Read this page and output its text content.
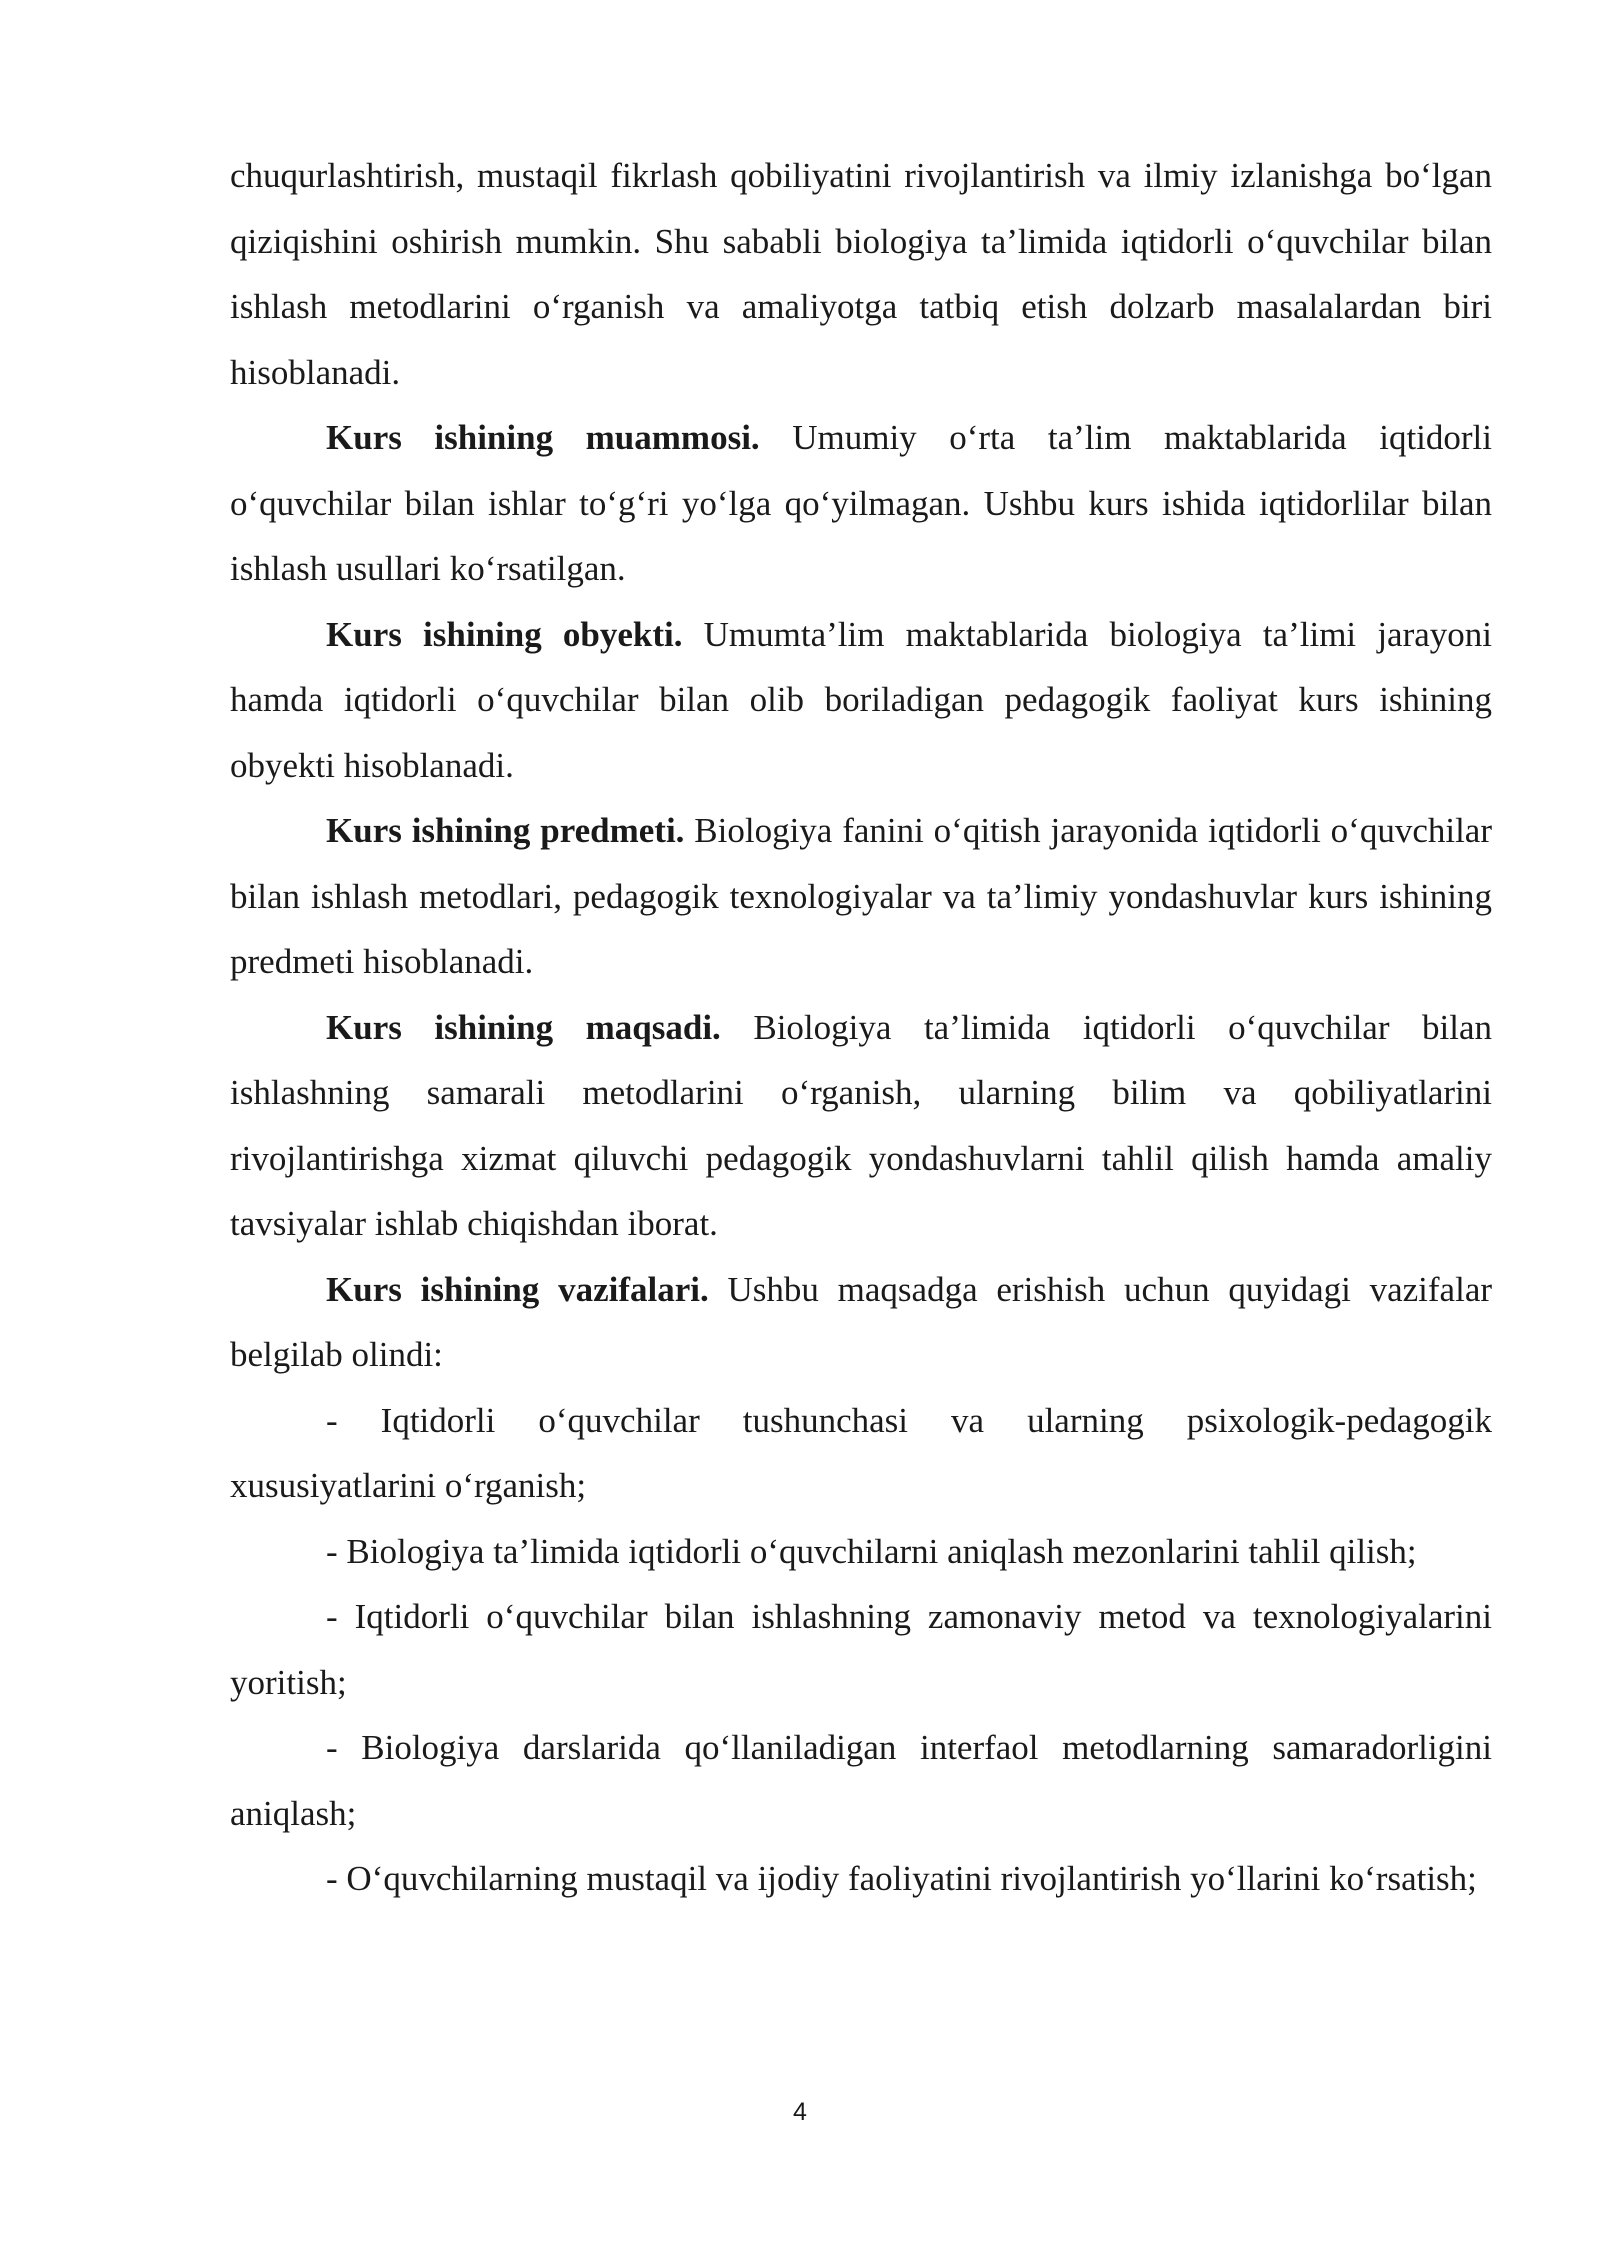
chuqurlashtirish, mustaqil fikrlash qobiliyatini rivojlantirish va ilmiy izlanishga bo‘lgan qiziqishini oshirish mumkin. Shu sababli biologiya ta’limida iqtidorli o‘quvchilar bilan ishlash metodlarini o‘rganish va amaliyotga tatbiq etish dolzarb masalalardan biri hisoblanadi.

Kurs ishining muammosi. Umumiy o‘rta ta’lim maktablarida iqtidorli o‘quvchilar bilan ishlar to‘g‘ri yo‘lga qo‘yilmagan. Ushbu kurs ishida iqtidorlilar bilan ishlash usullari ko‘rsatilgan.

Kurs ishining obyekti. Umumta’lim maktablarida biologiya ta’limi jarayoni hamda iqtidorli o‘quvchilar bilan olib boriladigan pedagogik faoliyat kurs ishining obyekti hisoblanadi.

Kurs ishining predmeti. Biologiya fanini o‘qitish jarayonida iqtidorli o‘quvchilar bilan ishlash metodlari, pedagogik texnologiyalar va ta’limiy yondashuvlar kurs ishining predmeti hisoblanadi.

Kurs ishining maqsadi. Biologiya ta’limida iqtidorli o‘quvchilar bilan ishlashning samarali metodlarini o‘rganish, ularning bilim va qobiliyatlarini rivojlantirishga xizmat qiluvchi pedagogik yondashuvlarni tahlil qilish hamda amaliy tavsiyalar ishlab chiqishdan iborat.

Kurs ishining vazifalari. Ushbu maqsadga erishish uchun quyidagi vazifalar belgilab olindi:

- Iqtidorli o‘quvchilar tushunchasi va ularning psixologik-pedagogik xususiyatlarini o‘rganish;

- Biologiya ta’limida iqtidorli o‘quvchilarni aniqlash mezonlarini tahlil qilish;

- Iqtidorli o‘quvchilar bilan ishlashning zamonaviy metod va texnologiyalarini yoritish;

- Biologiya darslarida qo‘llaniladigan interfaol metodlarning samaradorligini aniqlash;

- O‘quvchilarning mustaqil va ijodiy faoliyatini rivojlantirish yo‘llarini ko‘rsatish;

4
